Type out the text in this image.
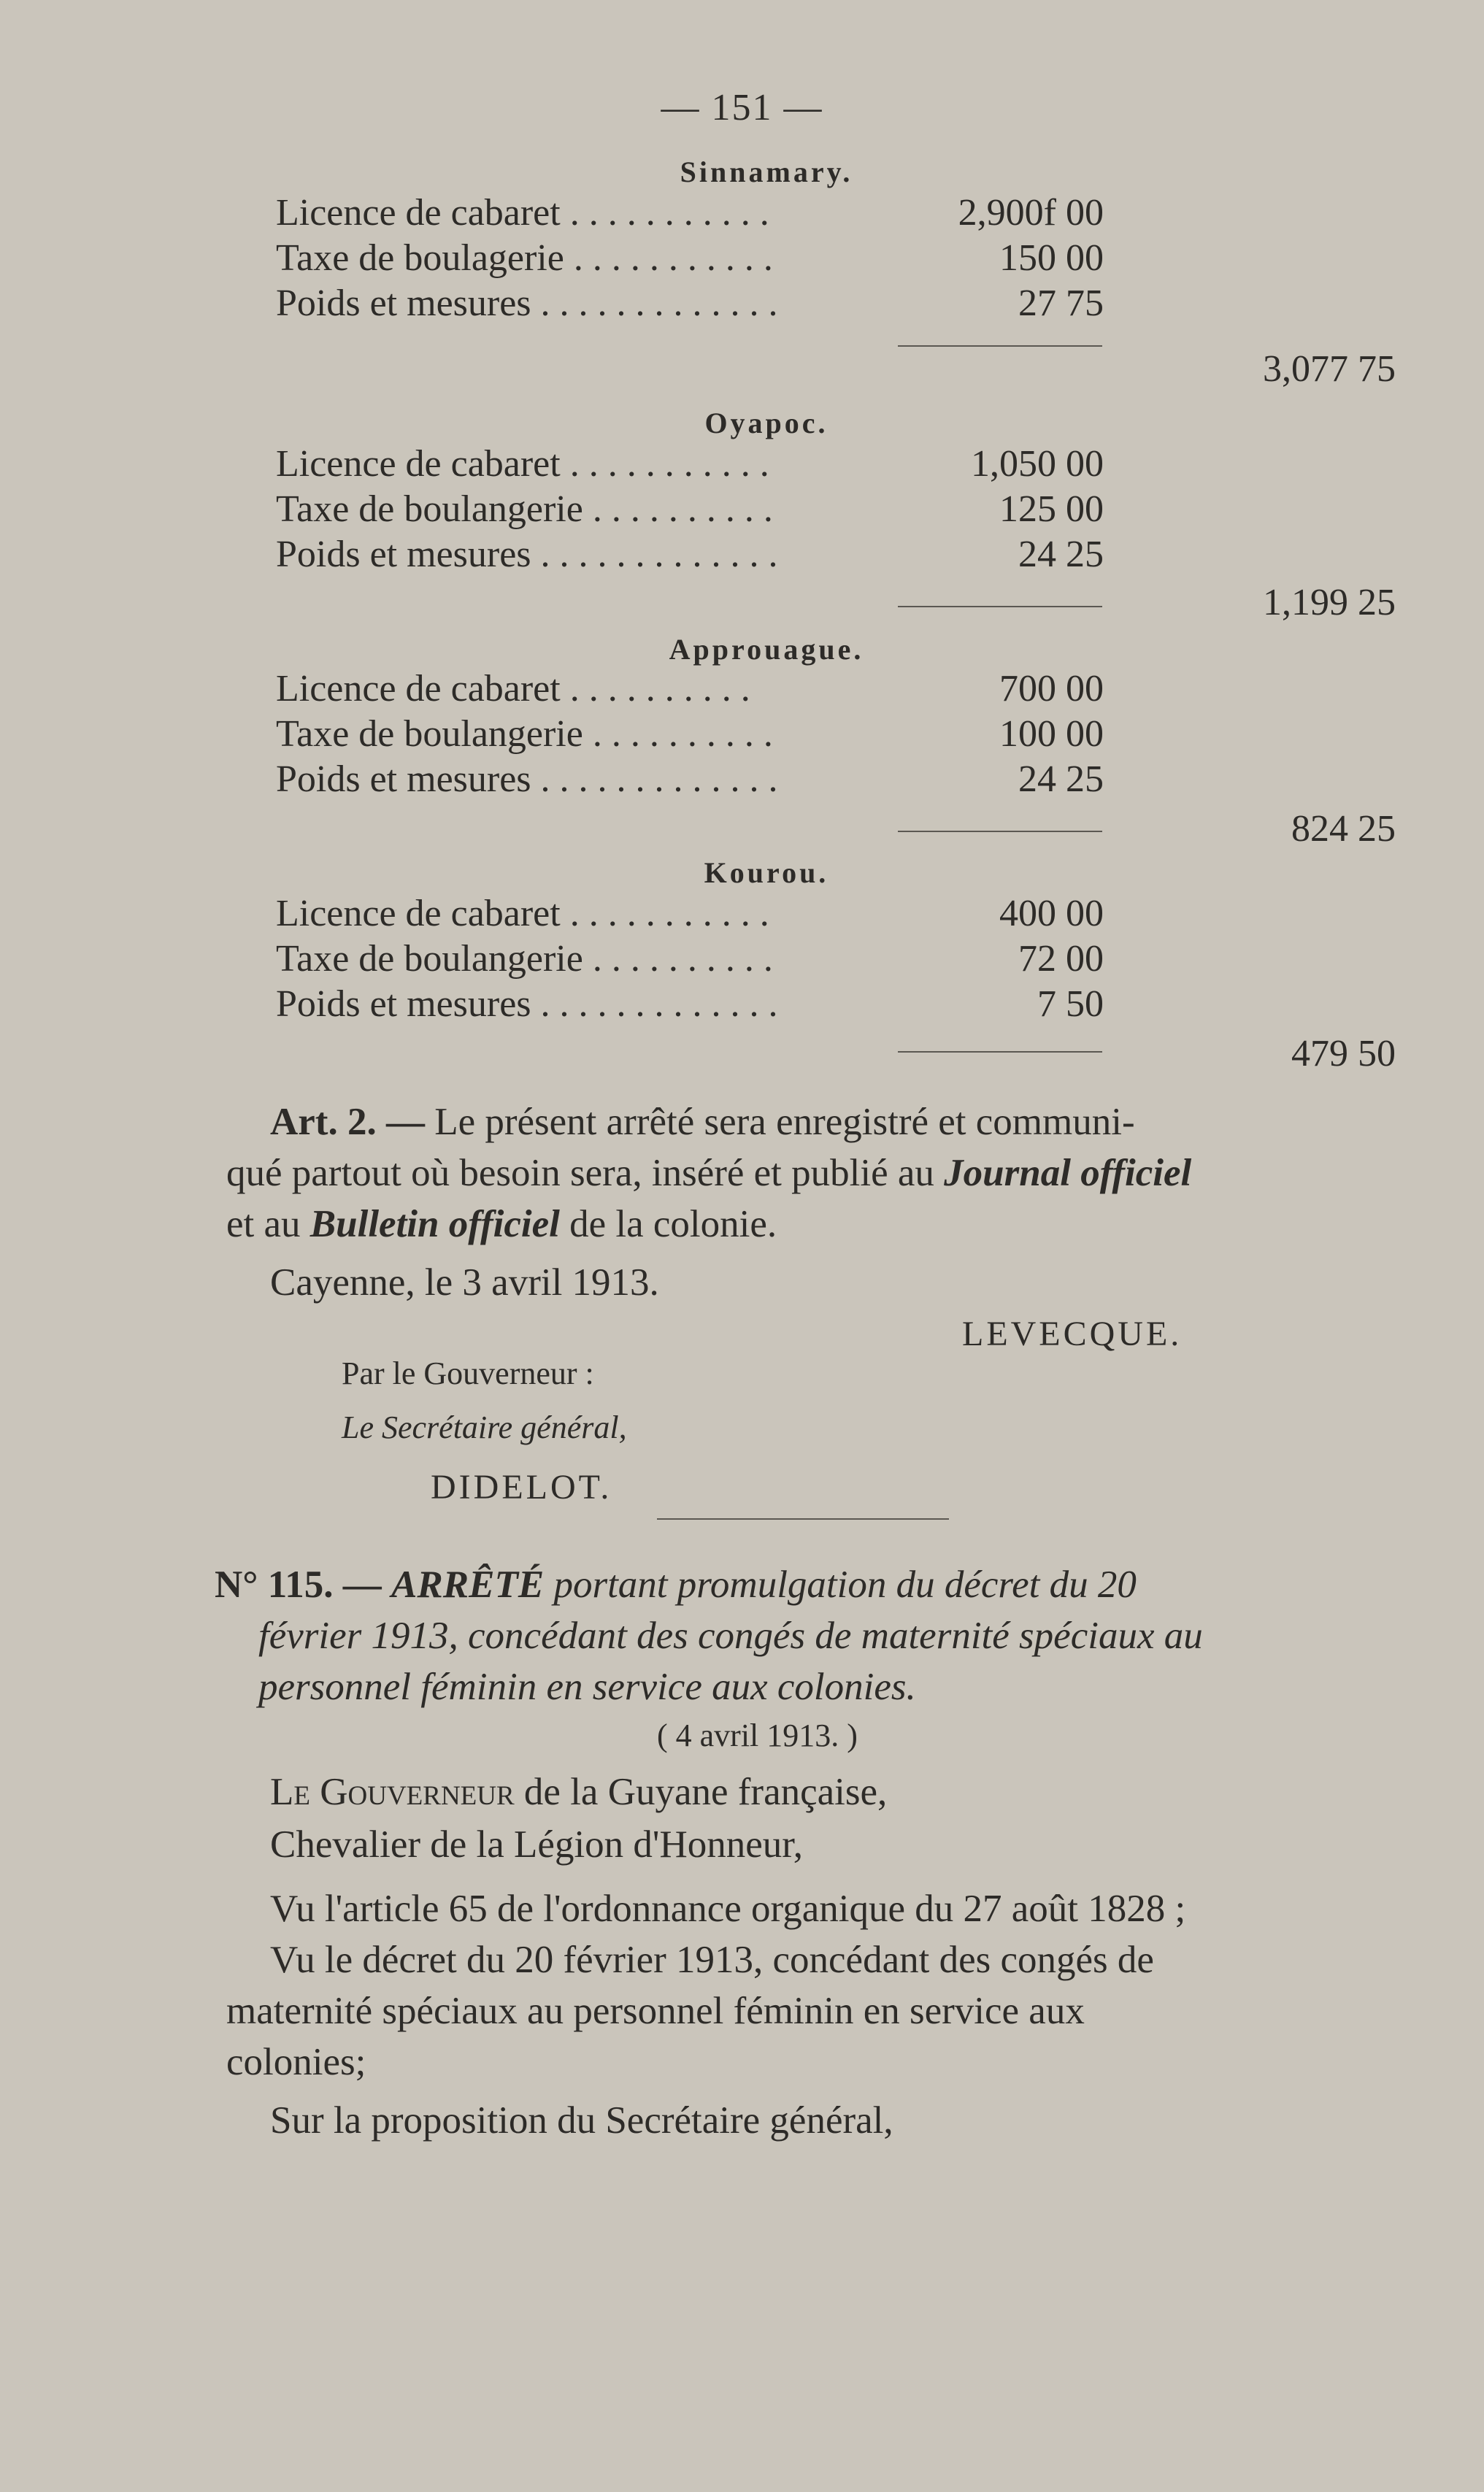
— 151 —
Sinnamary.
Licence de cabaret . . . . . . . . . . .	2,900f 00
Taxe de boulagerie . . . . . . . . . . .	150 00
Poids et mesures . . . . . . . . . . . . .	27 75
3,077 75
Oyapoc.
Licence de cabaret . . . . . . . . . . .	1,050 00
Taxe de boulangerie . . . . . . . . . .	125 00
Poids et mesures . . . . . . . . . . . . .	24 25
1,199 25
Approuague.
Licence de cabaret . . . . . . . . . .	700 00
Taxe de boulangerie . . . . . . . . . .	100 00
Poids et mesures . . . . . . . . . . . . .	24 25
824 25
Kourou.
Licence de cabaret . . . . . . . . . . .	400 00
Taxe de boulangerie . . . . . . . . . .	72 00
Poids et mesures . . . . . . . . . . . . .	7 50
479 50
Art. 2. — Le présent arrêté sera enregistré et communi-
qué partout où besoin sera, inséré et publié au Journal officiel
et au Bulletin officiel de la colonie.
Cayenne, le 3 avril 1913.
LEVECQUE.
Par le Gouverneur :
Le Secrétaire général,
DIDELOT.
N° 115. — ARRÊTÉ portant promulgation du décret du 20
février 1913, concédant des congés de maternité spéciaux au
personnel féminin en service aux colonies.
( 4 avril 1913. )
Le Gouverneur de la Guyane française,
Chevalier de la Légion d'Honneur,
Vu l'article 65 de l'ordonnance organique du 27 août 1828 ;
Vu le décret du 20 février 1913, concédant des congés de
maternité spéciaux au personnel féminin en service aux
colonies;
Sur la proposition du Secrétaire général,
